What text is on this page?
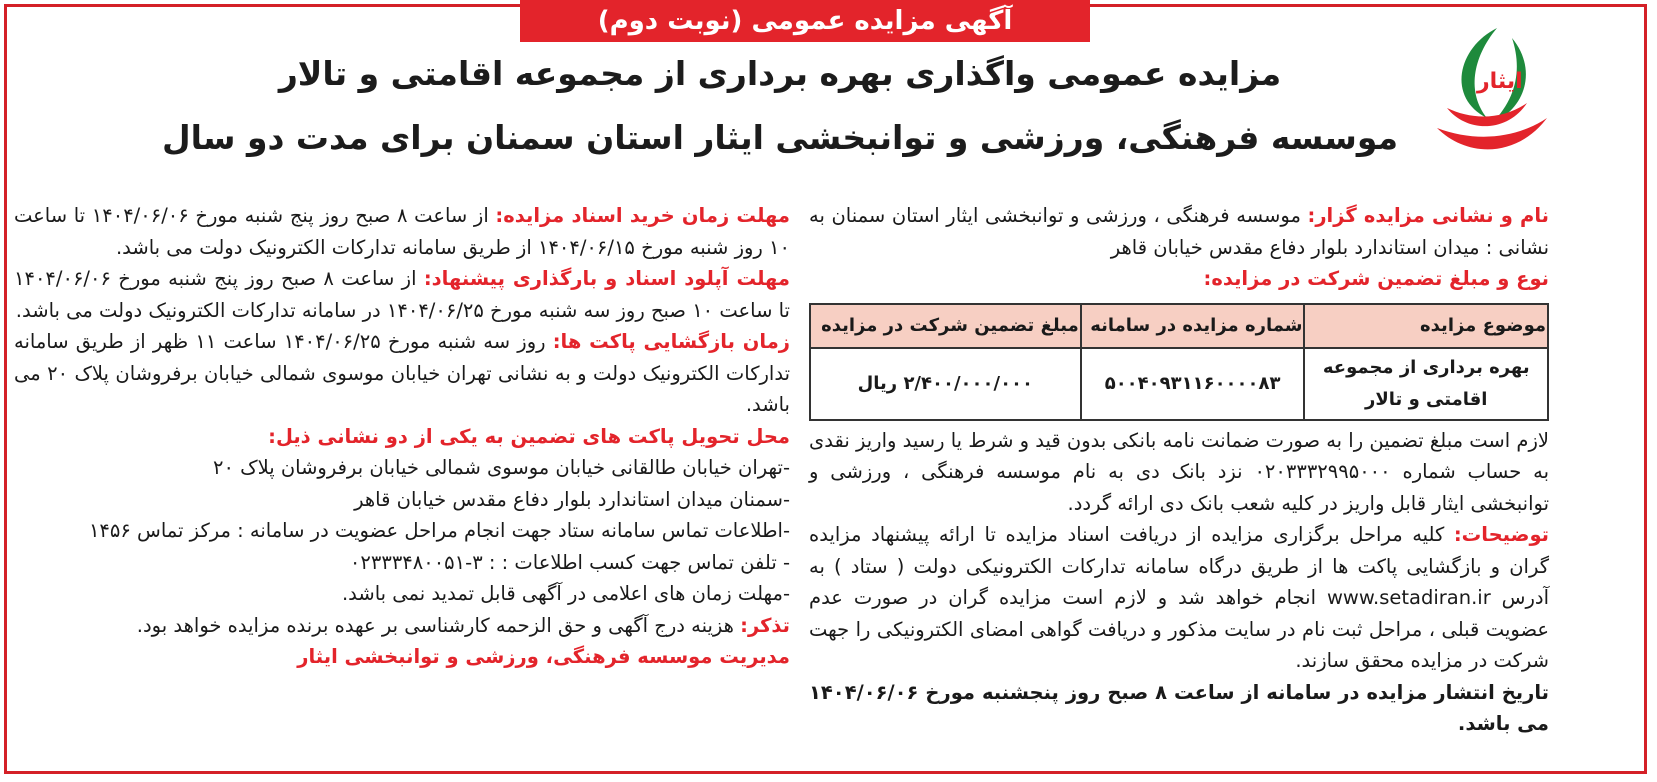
آگهی مزایده عمومی (نوبت دوم)
مزایده عمومی واگذاری بهره برداری از مجموعه اقامتی و تالار
موسسه فرهنگی، ورزشی و توانبخشی ایثار استان سمنان برای مدت دو سال
ایثار

نام و نشانی مزایده گزار: موسسه فرهنگی ، ورزشی و توانبخشی ایثار استان سمنان به نشانی : میدان استاندارد بلوار دفاع مقدس خیابان قاهر

نوع و مبلغ تضمین شرکت در مزایده:

موضوع مزایده	شماره مزایده در سامانه	مبلغ تضمین شرکت در مزایده
بهره برداری از مجموعه اقامتی و تالار	۵۰۰۴۰۹۳۱۱۶۰۰۰۰۸۳	۲/۴۰۰/۰۰۰/۰۰۰ ریال

لازم است مبلغ تضمین را به صورت ضمانت نامه بانکی بدون قید و شرط یا رسید واریز نقدی به حساب شماره ۰۲۰۳۳۳۲۹۹۵۰۰۰ نزد بانک دی به نام موسسه فرهنگی ، ورزشی و توانبخشی ایثار قابل واریز در کلیه شعب بانک دی ارائه گردد.

توضیحات: کلیه مراحل برگزاری مزایده از دریافت اسناد مزایده تا ارائه پیشنهاد مزایده گران و بازگشایی پاکت ها از طریق درگاه سامانه تدارکات الکترونیکی دولت ( ستاد ) به آدرس www.setadiran.ir انجام خواهد شد و لازم است مزایده گران در صورت عدم عضویت قبلی ، مراحل ثبت نام در سایت مذکور و دریافت گواهی امضای الکترونیکی را جهت شرکت در مزایده محقق سازند.

تاریخ انتشار مزایده در سامانه از ساعت ۸ صبح روز پنجشنبه مورخ ۱۴۰۴/۰۶/۰۶ می باشد.

مهلت زمان خرید اسناد مزایده: از ساعت ۸ صبح روز پنج شنبه مورخ ۱۴۰۴/۰۶/۰۶ تا ساعت ۱۰ روز شنبه مورخ ۱۴۰۴/۰۶/۱۵ از طریق سامانه تدارکات الکترونیک دولت می باشد.

مهلت آپلود اسناد و بارگذاری پیشنهاد: از ساعت ۸ صبح روز پنج شنبه مورخ ۱۴۰۴/۰۶/۰۶ تا ساعت ۱۰ صبح روز سه شنبه مورخ ۱۴۰۴/۰۶/۲۵ در سامانه تدارکات الکترونیک دولت می باشد.

زمان بازگشایی پاکت ها: روز سه شنبه مورخ ۱۴۰۴/۰۶/۲۵ ساعت ۱۱ ظهر از طریق سامانه تدارکات الکترونیک دولت و به نشانی تهران خیابان موسوی شمالی خیابان برفروشان پلاک ۲۰ می باشد.

محل تحویل پاکت های تضمین به یکی از دو نشانی ذیل:

-تهران خیابان طالقانی خیابان موسوی شمالی خیابان برفروشان پلاک ۲۰

-سمنان میدان استاندارد بلوار دفاع مقدس خیابان قاهر

-اطلاعات تماس سامانه ستاد جهت انجام مراحل عضویت در سامانه : مرکز تماس ۱۴۵۶

- تلفن تماس جهت کسب اطلاعات : : ۳-۰۲۳۳۳۴۸۰۰۵۱

-مهلت زمان های اعلامی در آگهی قابل تمدید نمی باشد.

تذکر: هزینه درج آگهی و حق الزحمه کارشناسی بر عهده برنده مزایده خواهد بود.

مدیریت موسسه فرهنگی، ورزشی و توانبخشی ایثار
